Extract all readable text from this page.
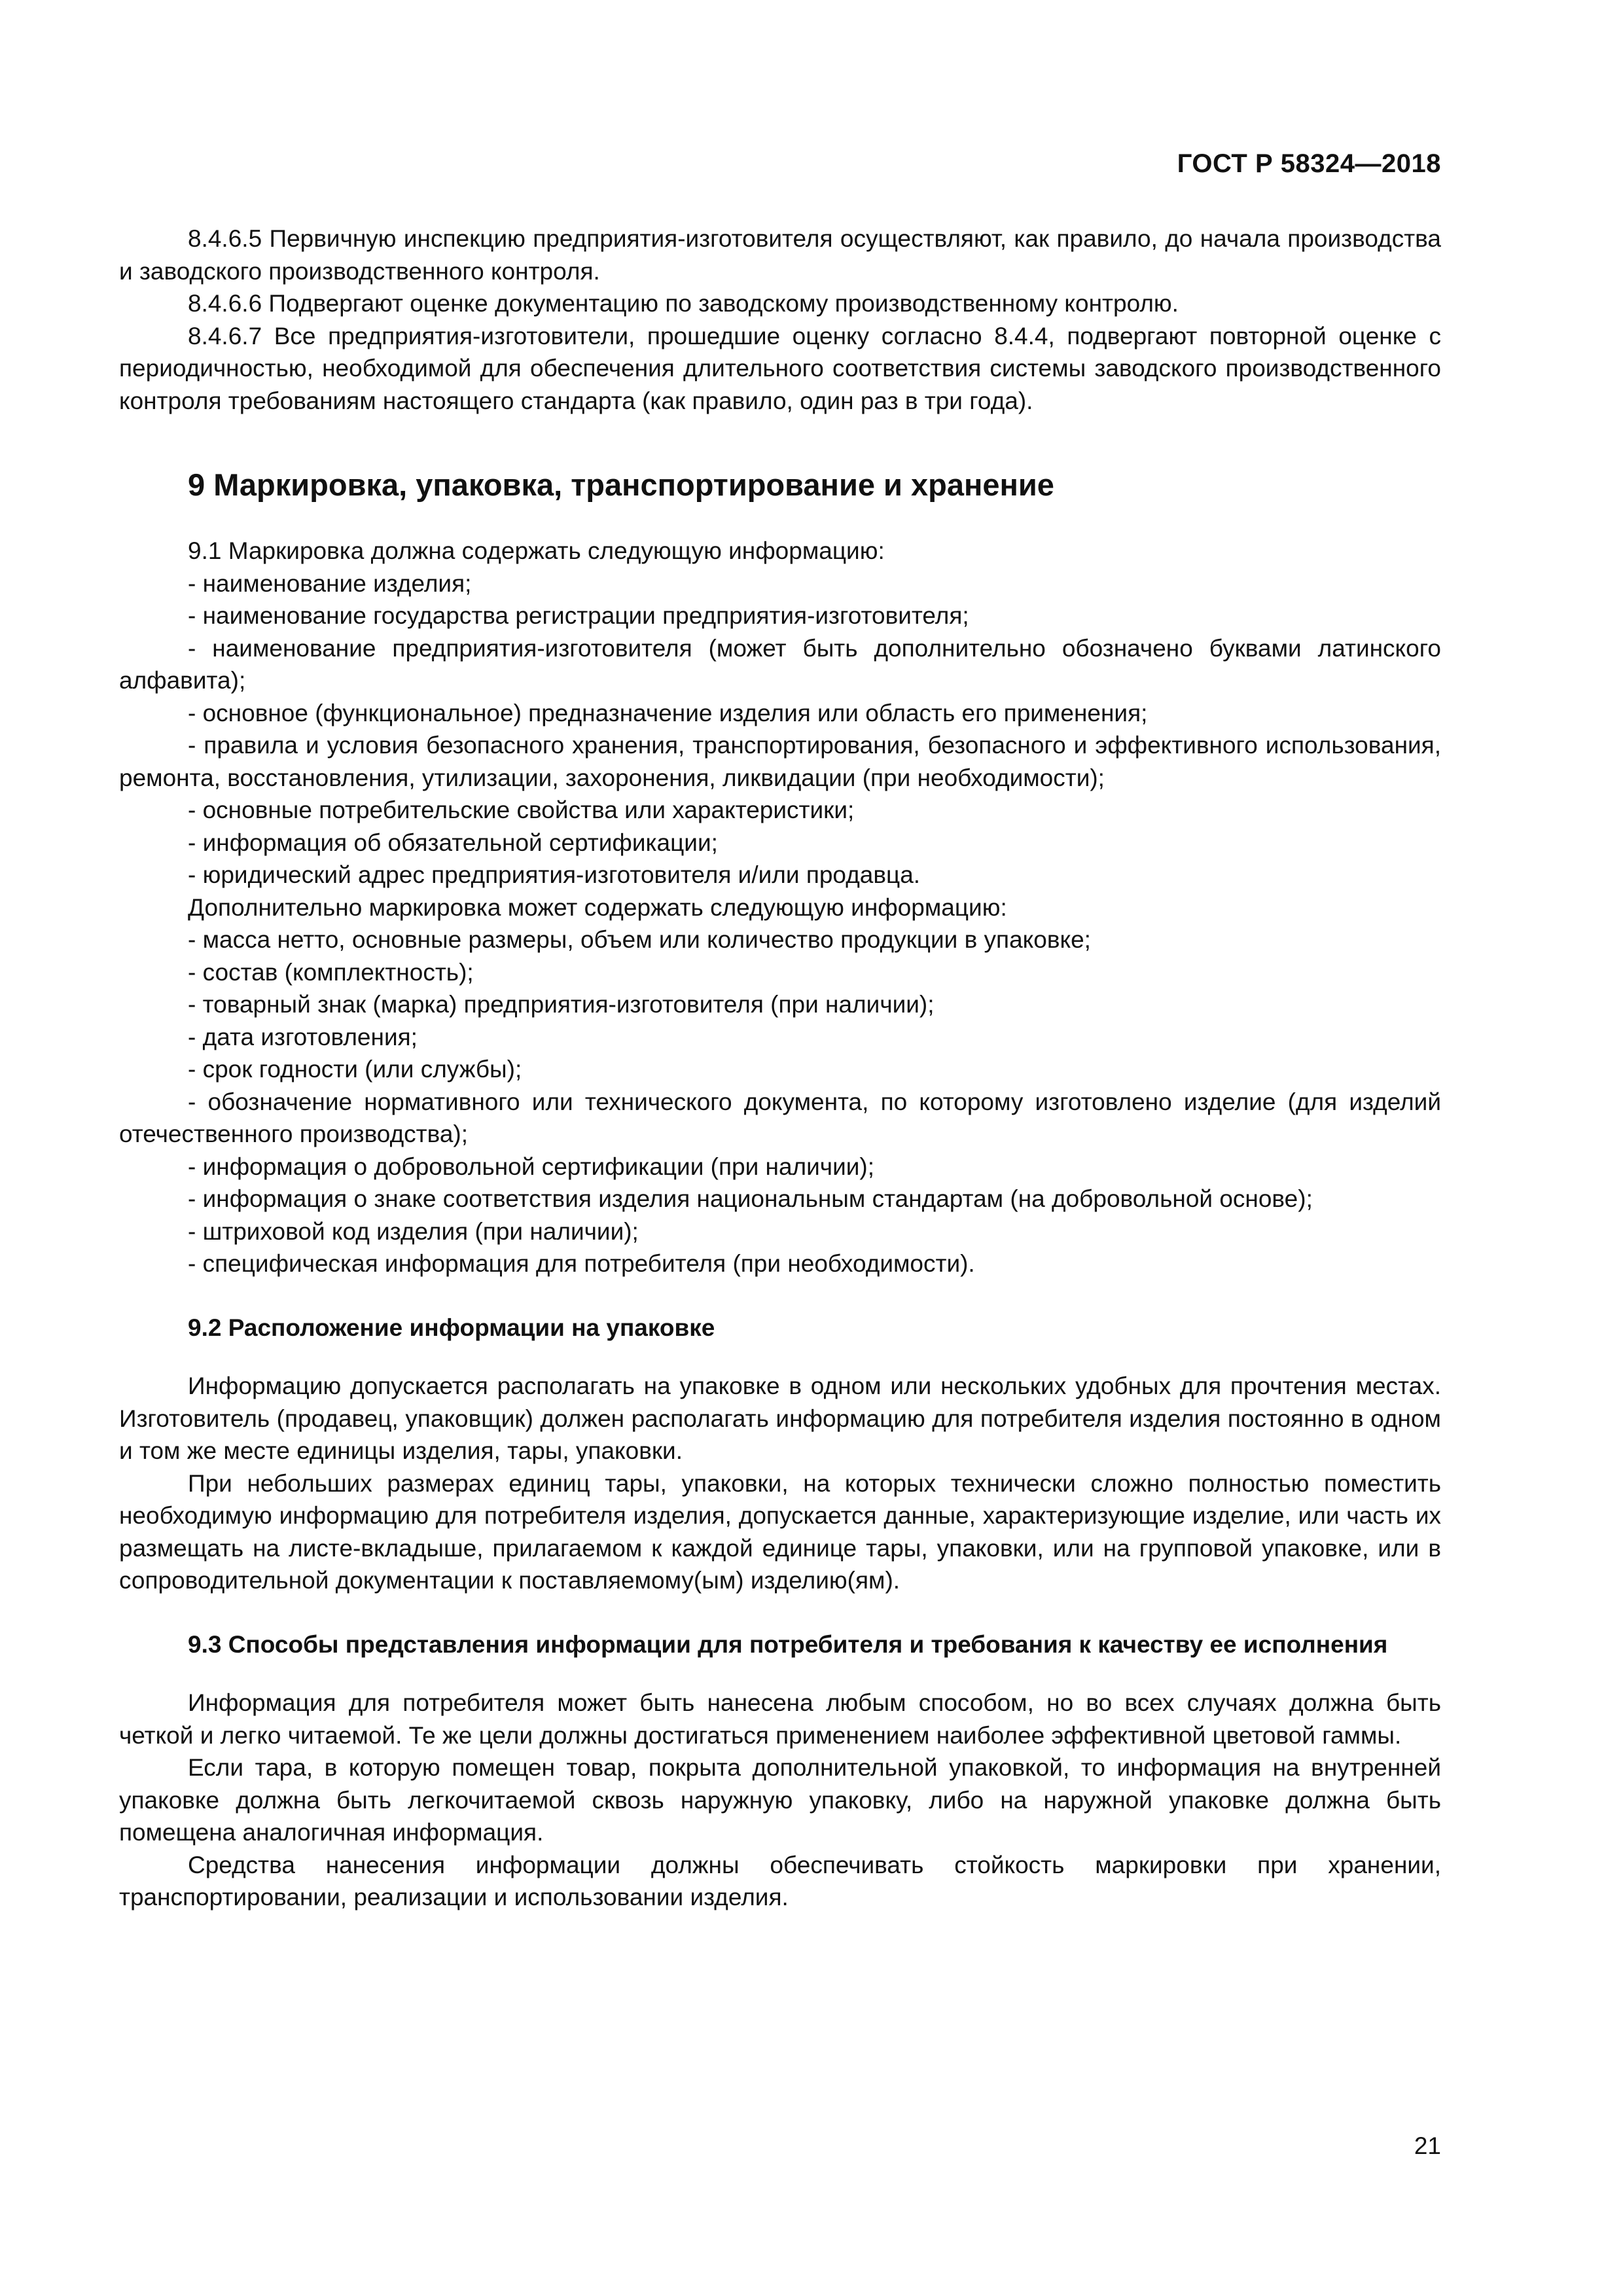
ГОСТ Р 58324—2018

8.4.6.5 Первичную инспекцию предприятия-изготовителя осуществляют, как правило, до начала производства и заводского производственного контроля.

8.4.6.6 Подвергают оценке документацию по заводскому производственному контролю.

8.4.6.7 Все предприятия-изготовители, прошедшие оценку согласно 8.4.4, подвергают повторной оценке с периодичностью, необходимой для обеспечения длительного соответствия системы заводского производственного контроля требованиям настоящего стандарта (как правило, один раз в три года).

9 Маркировка, упаковка, транспортирование и хранение

9.1 Маркировка должна содержать следующую информацию:

- наименование изделия;

- наименование государства регистрации предприятия-изготовителя;

- наименование предприятия-изготовителя (может быть дополнительно обозначено буквами латинского алфавита);

- основное (функциональное) предназначение изделия или область его применения;

- правила и условия безопасного хранения, транспортирования, безопасного и эффективного использования, ремонта, восстановления, утилизации, захоронения, ликвидации (при необходимости);

- основные потребительские свойства или характеристики;

- информация об обязательной сертификации;

- юридический адрес предприятия-изготовителя и/или продавца.

Дополнительно маркировка может содержать следующую информацию:

- масса нетто, основные размеры, объем или количество продукции в упаковке;

- состав (комплектность);

- товарный знак (марка) предприятия-изготовителя (при наличии);

- дата изготовления;

- срок годности (или службы);

- обозначение нормативного или технического документа, по которому изготовлено изделие (для изделий отечественного производства);

- информация о добровольной сертификации (при наличии);

- информация о знаке соответствия изделия национальным стандартам (на добровольной основе);

- штриховой код изделия (при наличии);

- специфическая информация для потребителя (при необходимости).

9.2 Расположение информации на упаковке

Информацию допускается располагать на упаковке в одном или нескольких удобных для прочтения местах. Изготовитель (продавец, упаковщик) должен располагать информацию для потребителя изделия постоянно в одном и том же месте единицы изделия, тары, упаковки.

При небольших размерах единиц тары, упаковки, на которых технически сложно полностью поместить необходимую информацию для потребителя изделия, допускается данные, характеризующие изделие, или часть их размещать на листе-вкладыше, прилагаемом к каждой единице тары, упаковки, или на групповой упаковке, или в сопроводительной документации к поставляемому(ым) изделию(ям).

9.3 Способы представления информации для потребителя и требования к качеству ее исполнения

Информация для потребителя может быть нанесена любым способом, но во всех случаях должна быть четкой и легко читаемой. Те же цели должны достигаться применением наиболее эффективной цветовой гаммы.

Если тара, в которую помещен товар, покрыта дополнительной упаковкой, то информация на внутренней упаковке должна быть легкочитаемой сквозь наружную упаковку, либо на наружной упаковке должна быть помещена аналогичная информация.

Средства нанесения информации должны обеспечивать стойкость маркировки при хранении, транспортировании, реализации и использовании изделия.

21
